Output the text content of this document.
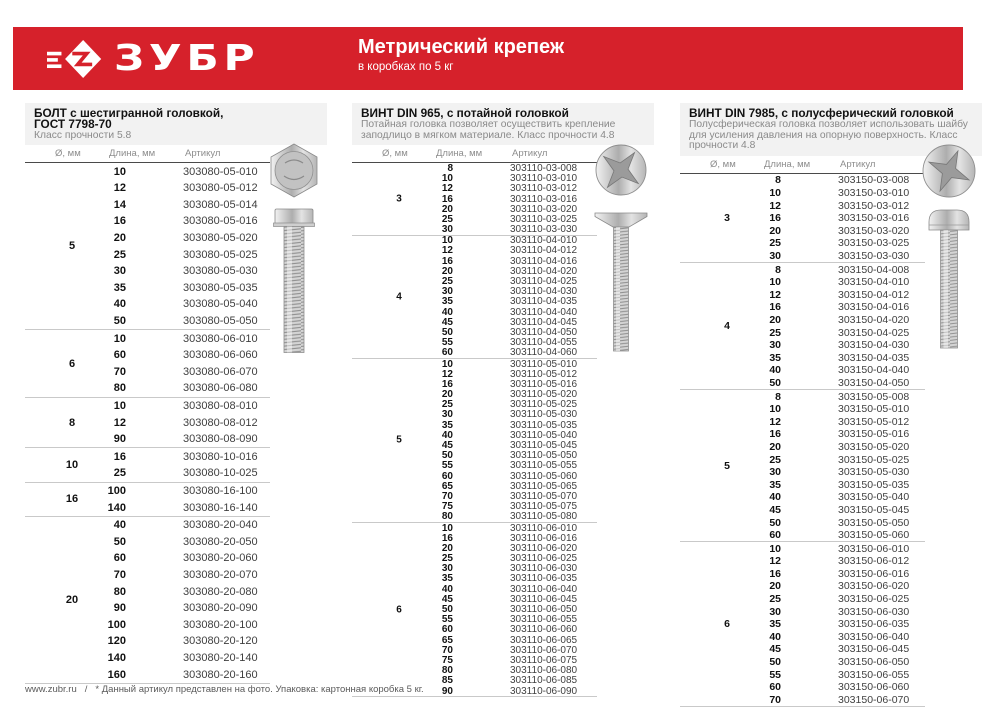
ЗУБР	Метрический крепеж
в коробках по 5 кг
БОЛТ с шестигранной головкой,
ГОСТ 7798-70
Класс прочности 5.8
Ø, мм	Длина, мм	Артикул
5
10	303080-05-010
12	303080-05-012
14	303080-05-014
16	303080-05-016
20	303080-05-020
25	303080-05-025
30	303080-05-030
35	303080-05-035
40	303080-05-040
50	303080-05-050
6
10	303080-06-010
60	303080-06-060
70	303080-06-070
80	303080-06-080
8
10	303080-08-010
12	303080-08-012
90	303080-08-090
10
16	303080-10-016
25	303080-10-025
16
100	303080-16-100
140	303080-16-140
20
40	303080-20-040
50	303080-20-050
60	303080-20-060
70	303080-20-070
80	303080-20-080
90	303080-20-090
100	303080-20-100
120	303080-20-120
140	303080-20-140
160	303080-20-160
ВИНТ DIN 965, с потайной головкой
Потайная головка позволяет осуществить крепление заподлицо в мягком материале. Класс прочности 4.8
Ø, мм	Длина, мм	Артикул
3
8	303110-03-008
10	303110-03-010
12	303110-03-012
16	303110-03-016
20	303110-03-020
25	303110-03-025
30	303110-03-030
4
10	303110-04-010
12	303110-04-012
16	303110-04-016
20	303110-04-020
25	303110-04-025
30	303110-04-030
35	303110-04-035
40	303110-04-040
45	303110-04-045
50	303110-04-050
55	303110-04-055
60	303110-04-060
5
10	303110-05-010
12	303110-05-012
16	303110-05-016
20	303110-05-020
25	303110-05-025
30	303110-05-030
35	303110-05-035
40	303110-05-040
45	303110-05-045
50	303110-05-050
55	303110-05-055
60	303110-05-060
65	303110-05-065
70	303110-05-070
75	303110-05-075
80	303110-05-080
6
10	303110-06-010
16	303110-06-016
20	303110-06-020
25	303110-06-025
30	303110-06-030
35	303110-06-035
40	303110-06-040
45	303110-06-045
50	303110-06-050
55	303110-06-055
60	303110-06-060
65	303110-06-065
70	303110-06-070
75	303110-06-075
80	303110-06-080
85	303110-06-085
90	303110-06-090
ВИНТ DIN 7985, с полусферический головкой
Полусферическая головка позволяет использовать шайбу для усиления давления на опорную поверхность. Класс прочности 4.8
Ø, мм	Длина, мм	Артикул
3
8	303150-03-008
10	303150-03-010
12	303150-03-012
16	303150-03-016
20	303150-03-020
25	303150-03-025
30	303150-03-030
4
8	303150-04-008
10	303150-04-010
12	303150-04-012
16	303150-04-016
20	303150-04-020
25	303150-04-025
30	303150-04-030
35	303150-04-035
40	303150-04-040
50	303150-04-050
5
8	303150-05-008
10	303150-05-010
12	303150-05-012
16	303150-05-016
20	303150-05-020
25	303150-05-025
30	303150-05-030
35	303150-05-035
40	303150-05-040
45	303150-05-045
50	303150-05-050
60	303150-05-060
6
10	303150-06-010
12	303150-06-012
16	303150-06-016
20	303150-06-020
25	303150-06-025
30	303150-06-030
35	303150-06-035
40	303150-06-040
45	303150-06-045
50	303150-06-050
55	303150-06-055
60	303150-06-060
70	303150-06-070
www.zubr.ru / * Данный артикул представлен на фото. Упаковка: картонная коробка 5 кг.
